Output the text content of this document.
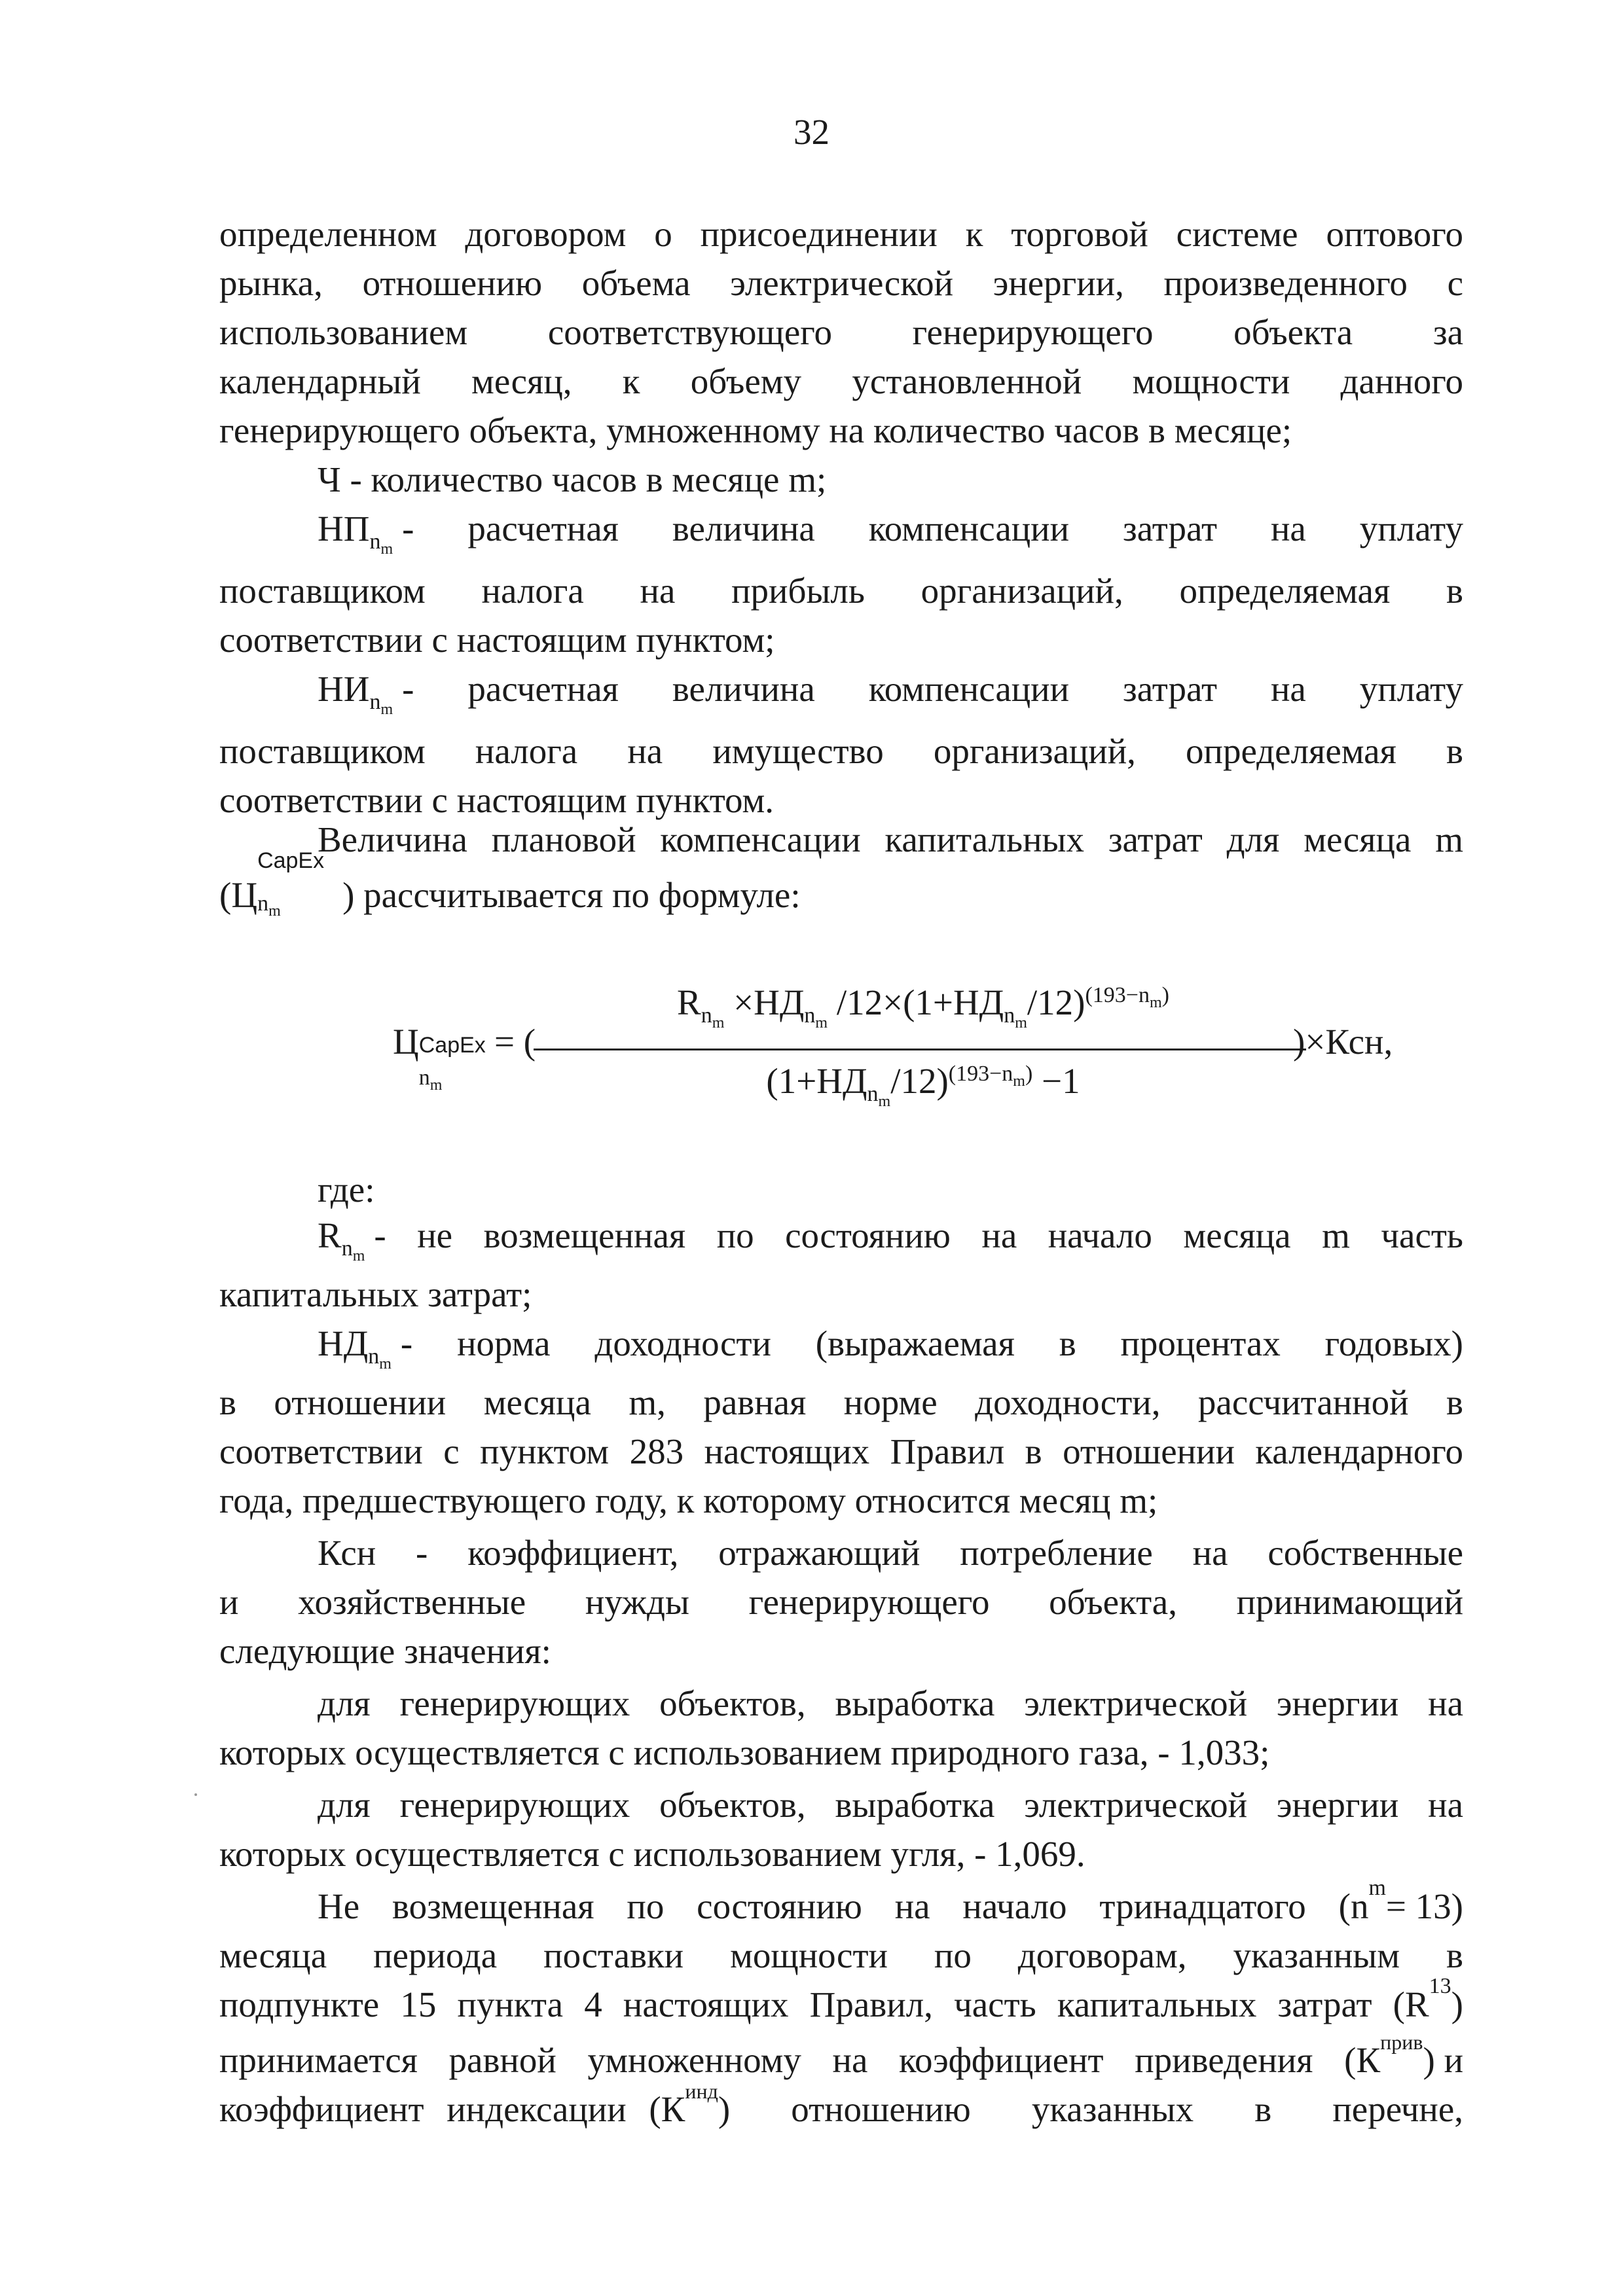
32
определенном договором о присоединении к торговой системе оптового
рынка, отношению объема электрической энергии, произведенного с
использованием соответствующего генерирующего объекта за
календарный месяц, к объему установленной мощности данного
генерирующего объекта, умноженному на количество часов в месяце;
Ч - количество часов в месяце m;
$НП_{n_m}$
- расчетная величина компенсации затрат на уплату
поставщиком налога на прибыль организаций, определяемая в
соответствии с настоящим пунктом;
$НИ_{n_m}$
- расчетная величина компенсации затрат на уплату
поставщиком налога на имущество организаций, определяемая в
соответствии с настоящим пунктом.
Величина плановой компенсации капитальных затрат для месяца m
(Ц
CapEx
$n_m$ ) рассчитывается по формуле:
Ц CapEx
$n_m$
= (
$R_{n_m} \times НД_{n_m}$ $/12\times(1+НД_{n_m}/12)^{(193-n_m)}$
$(1+НД_{n_m}/12)^{(193-n_m)} -1$
)×Ксн,
где:
$R_{n_m}$
- не возмещенная по состоянию на начало месяца m часть
капитальных затрат;
$НД_{n_m}$
- норма доходности (выражаемая в процентах годовых)
в отношении месяца m, равная норме доходности, рассчитанной в
соответствии с пунктом 283 настоящих Правил в отношении календарного
года, предшествующего году, к которому относится месяц m;
Ксн - коэффициент, отражающий потребление на собственные
и хозяйственные нужды генерирующего объекта, принимающий
следующие значения:
для генерирующих объектов, выработка электрической энергии на
которых осуществляется с использованием природного газа, - 1,033;
для генерирующих объектов, выработка электрической энергии на
которых осуществляется с использованием угля, - 1,069.
Не возмещенная по состоянию на начало тринадцатого (n m = 13)
месяца периода поставки мощности по договорам, указанным в
подпункте 15 пункта 4 настоящих Правил, часть капитальных затрат (R 13 )
принимается равной умноженному на коэффициент приведения (К прив ) и
коэффициент индексации (К инд ) отношению указанных в перечне,
